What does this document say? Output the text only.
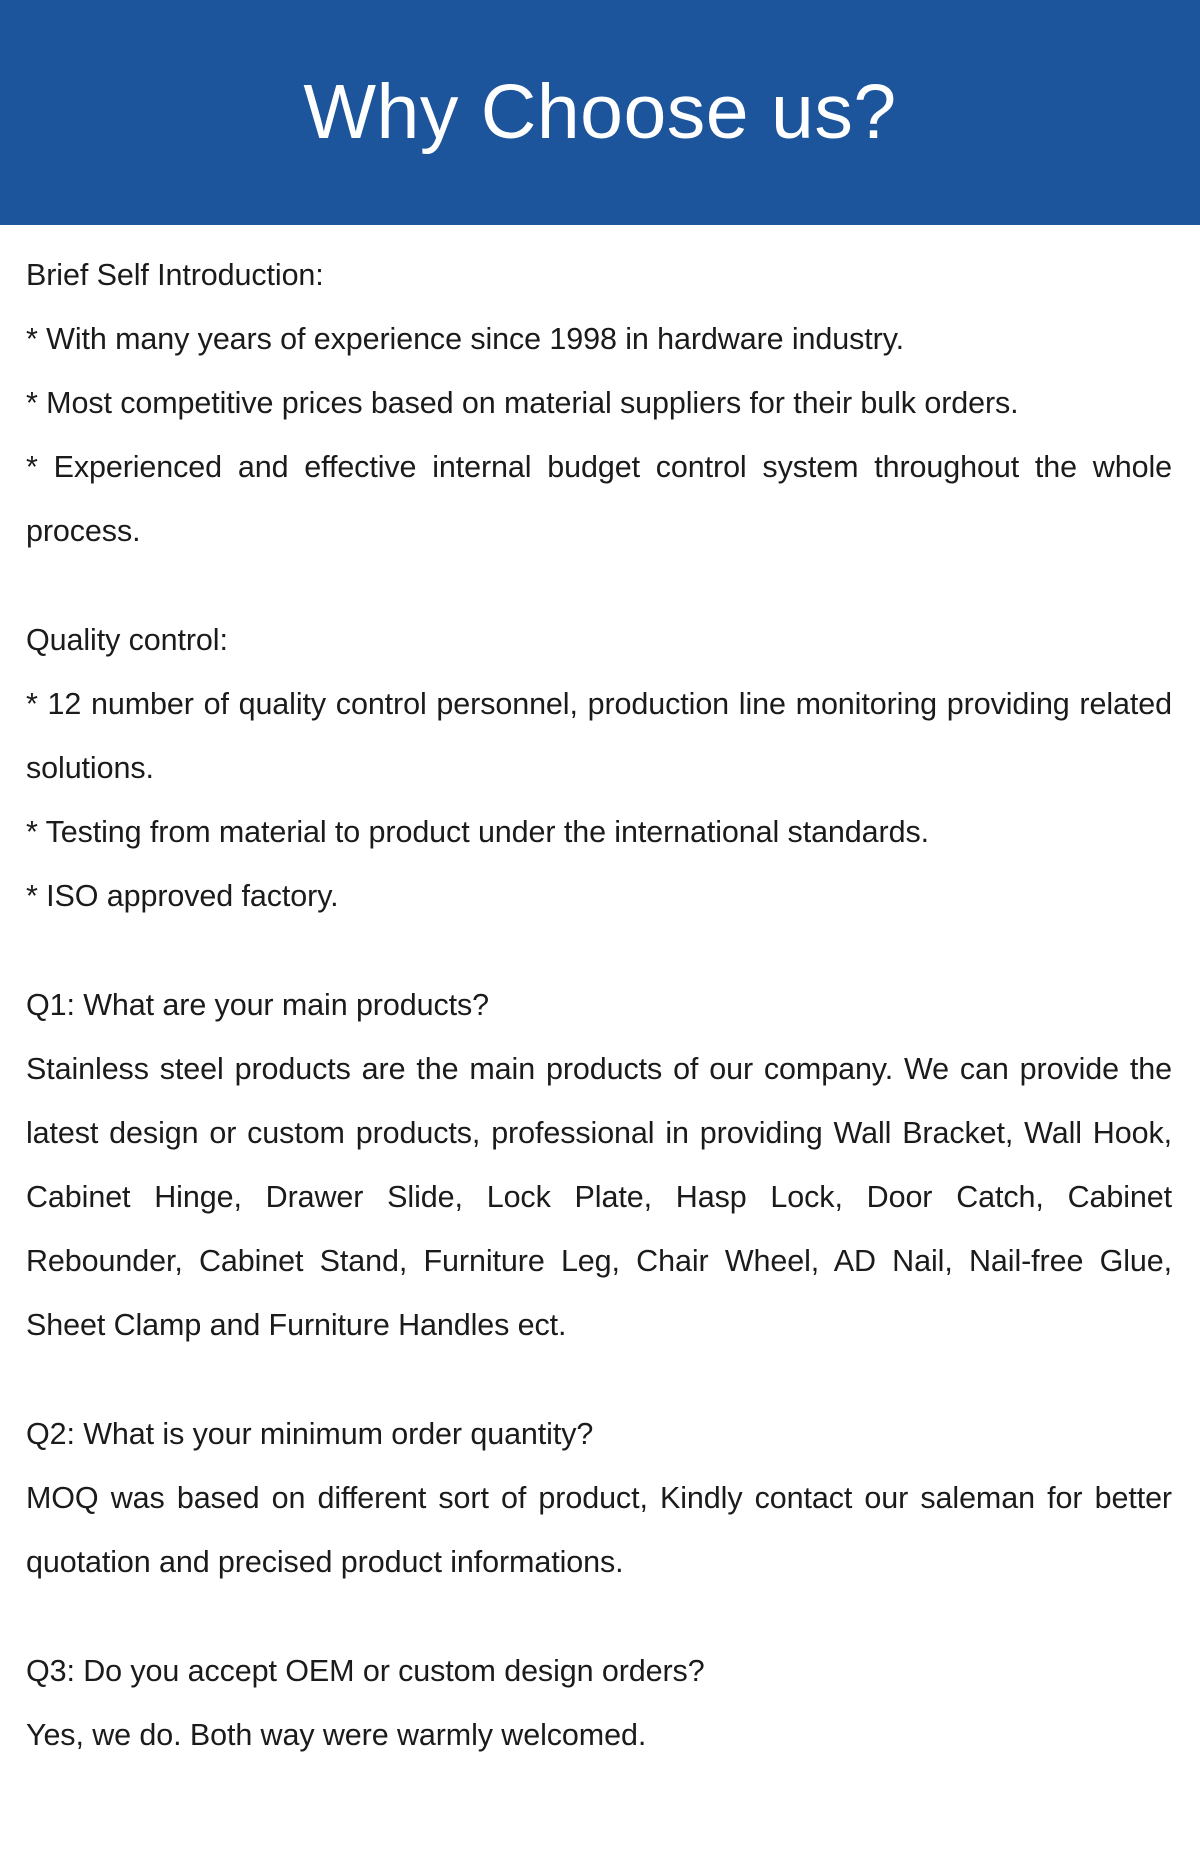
Why Choose us?
Brief Self Introduction:
* With many years of experience since 1998 in hardware industry.
* Most competitive prices based on material suppliers for their bulk orders.
* Experienced and effective internal budget control system throughout the whole process.
Quality control:
* 12 number of quality control personnel, production line monitoring providing related solutions.
* Testing from material to product under the international standards.
* ISO approved factory.
Q1: What are your main products?
Stainless steel products are the main products of our company. We can provide the latest design or custom products, professional in providing Wall Bracket, Wall Hook, Cabinet Hinge, Drawer Slide, Lock Plate, Hasp Lock, Door Catch, Cabinet Rebounder, Cabinet Stand, Furniture Leg, Chair Wheel, AD Nail, Nail-free Glue, Sheet Clamp and Furniture Handles ect.
Q2: What is your minimum order quantity?
MOQ was based on different sort of product, Kindly contact our saleman for better quotation and precised product informations.
Q3: Do you accept OEM or custom design orders?
Yes, we do. Both way were warmly welcomed.
